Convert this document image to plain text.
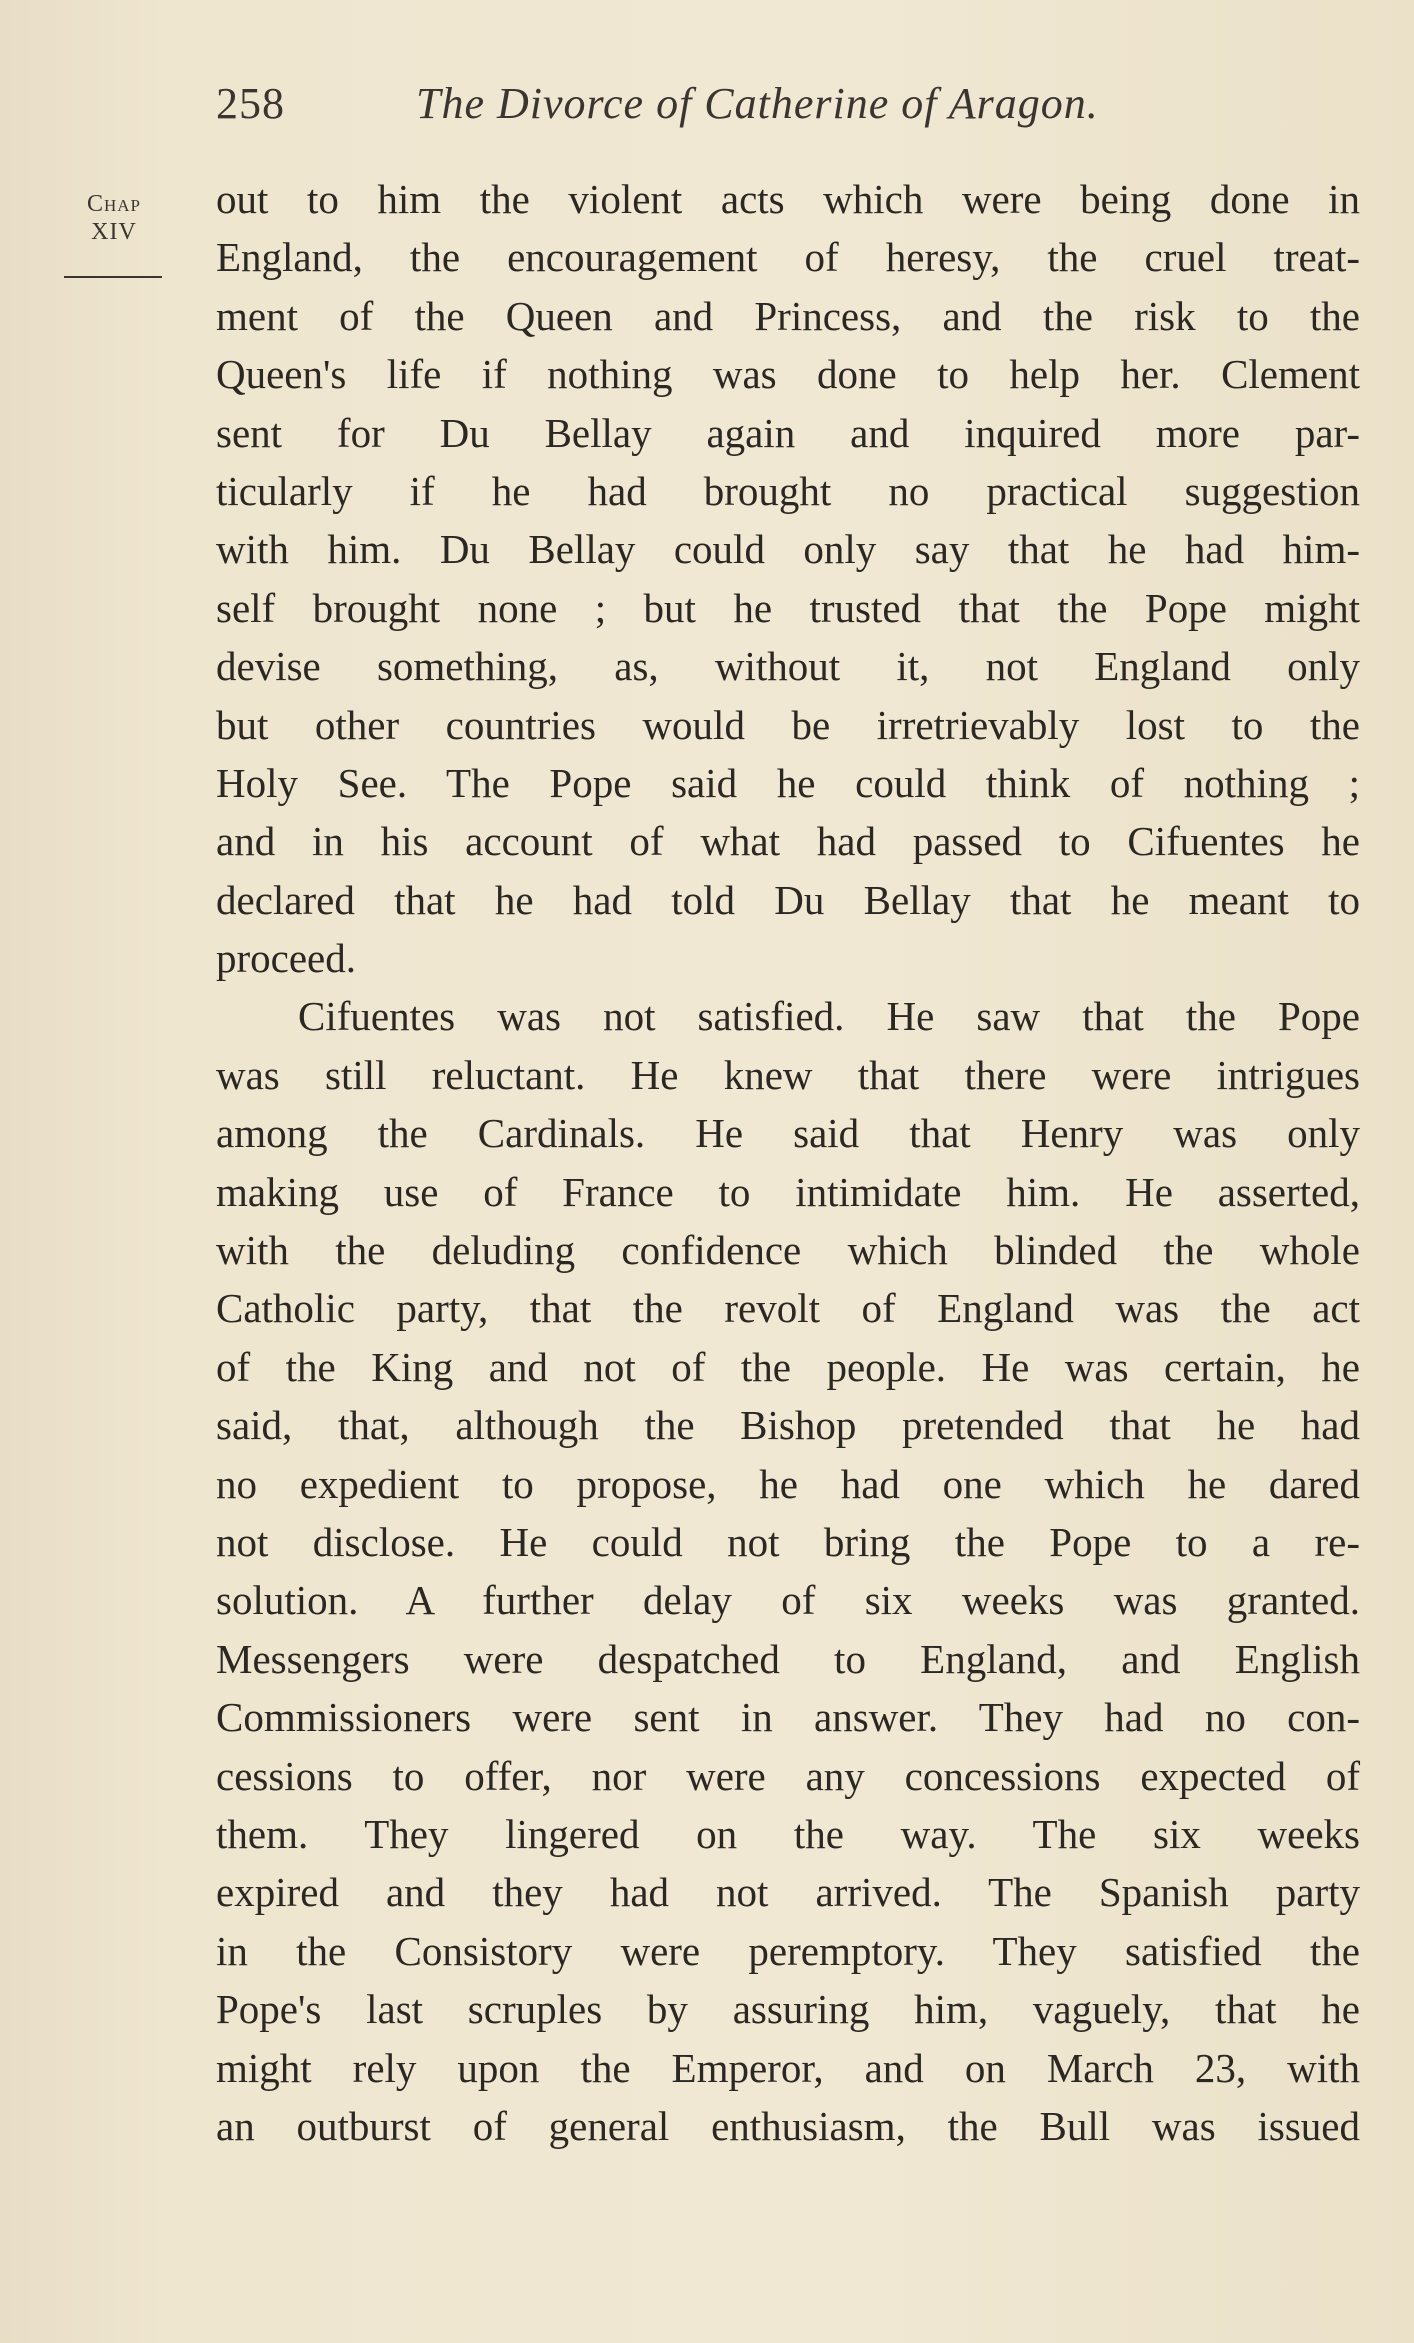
258	The Divorce of Catherine of Aragon.
Chap
XIV
out to him the violent acts which were being done in
England, the encouragement of heresy, the cruel treat-
ment of the Queen and Princess, and the risk to the
Queen's life if nothing was done to help her. Clement
sent for Du Bellay again and inquired more par-
ticularly if he had brought no practical suggestion
with him. Du Bellay could only say that he had him-
self brought none ; but he trusted that the Pope might
devise something, as, without it, not England only
but other countries would be irretrievably lost to the
Holy See. The Pope said he could think of nothing ;
and in his account of what had passed to Cifuentes he
declared that he had told Du Bellay that he meant to
proceed.
Cifuentes was not satisfied. He saw that the Pope
was still reluctant. He knew that there were intrigues
among the Cardinals. He said that Henry was only
making use of France to intimidate him. He asserted,
with the deluding confidence which blinded the whole
Catholic party, that the revolt of England was the act
of the King and not of the people. He was certain, he
said, that, although the Bishop pretended that he had
no expedient to propose, he had one which he dared
not disclose. He could not bring the Pope to a re-
solution. A further delay of six weeks was granted.
Messengers were despatched to England, and English
Commissioners were sent in answer. They had no con-
cessions to offer, nor were any concessions expected of
them. They lingered on the way. The six weeks
expired and they had not arrived. The Spanish party
in the Consistory were peremptory. They satisfied the
Pope's last scruples by assuring him, vaguely, that he
might rely upon the Emperor, and on March 23, with
an outburst of general enthusiasm, the Bull was issued
